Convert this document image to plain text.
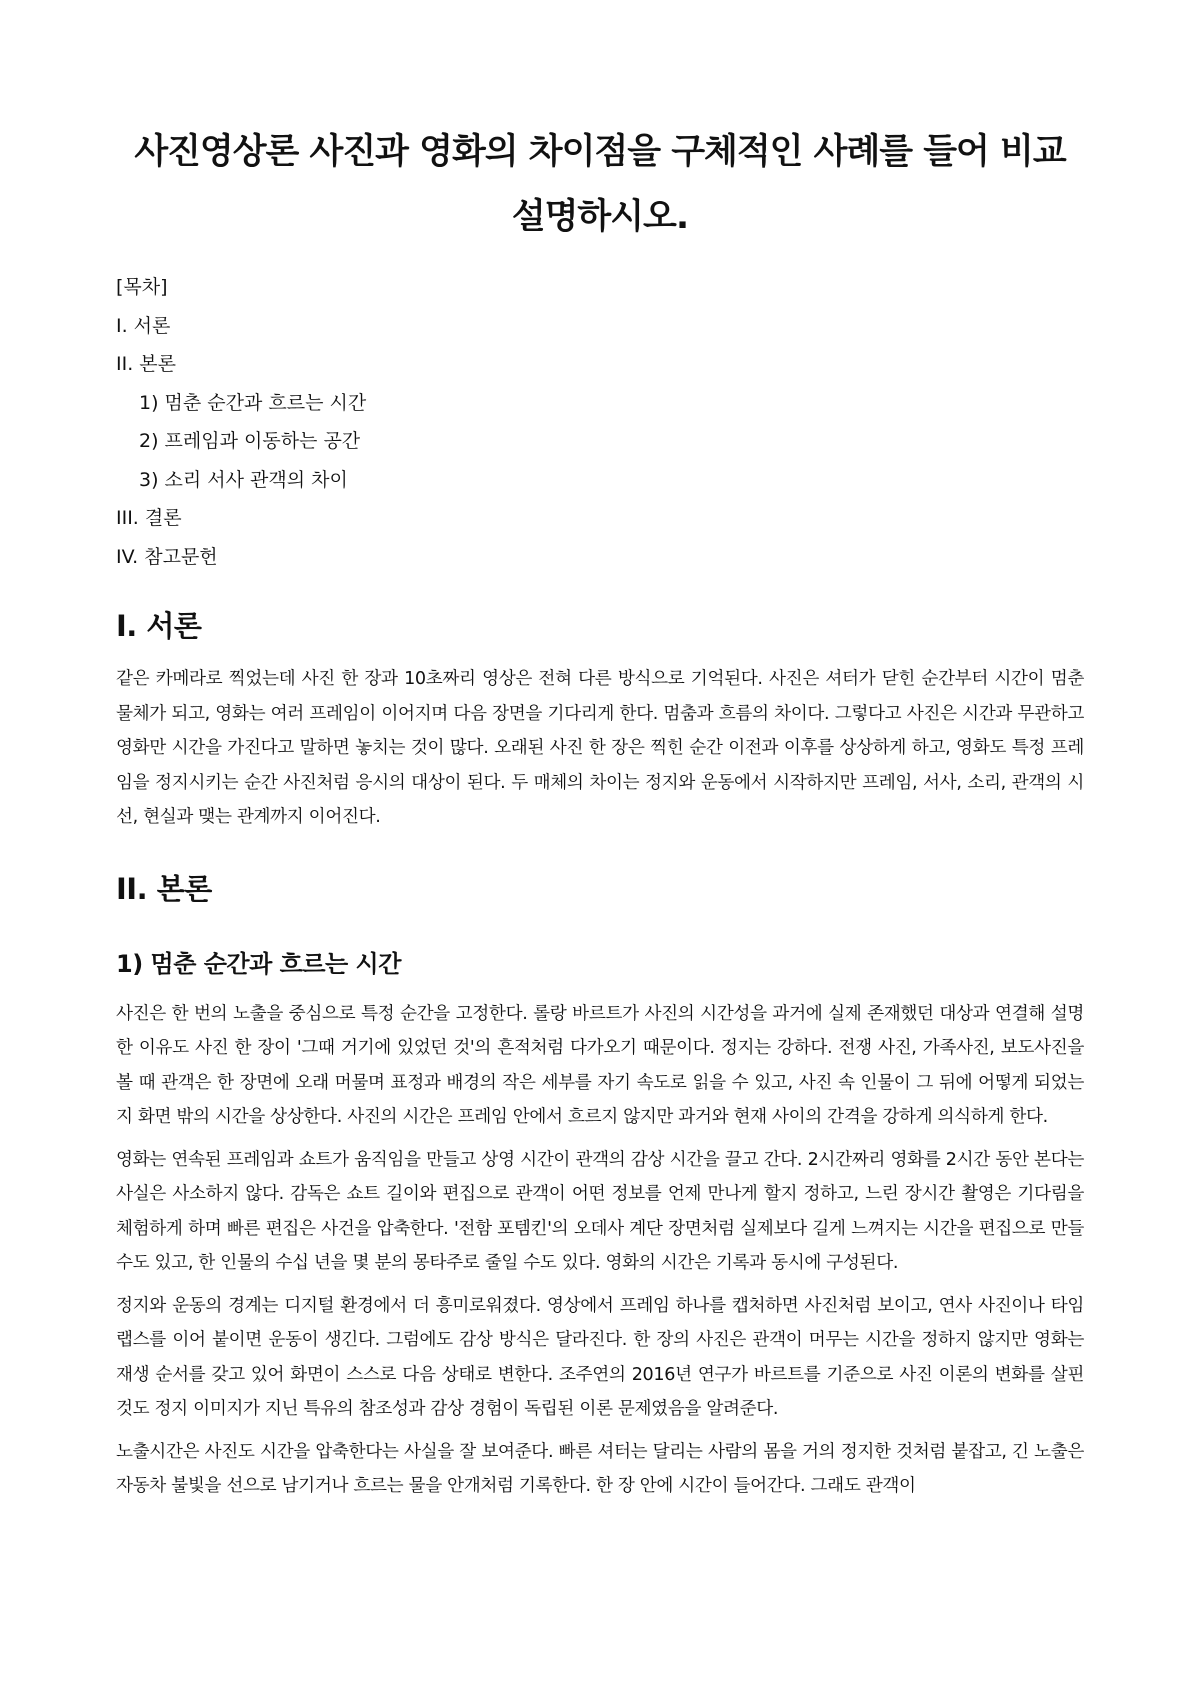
사진영상론 사진과 영화의 차이점을 구체적인 사례를 들어 비교 설명하시오.
[목차]
I. 서론
II. 본론
1) 멈춘 순간과 흐르는 시간
2) 프레임과 이동하는 공간
3) 소리 서사 관객의 차이
III. 결론
IV. 참고문헌
I. 서론

같은 카메라로 찍었는데 사진 한 장과 10초짜리 영상은 전혀 다른 방식으로 기억된다. 사진은 셔터가 닫힌 순간부터 시간이 멈춘 물체가 되고, 영화는 여러 프레임이 이어지며 다음 장면을 기다리게 한다. 멈춤과 흐름의 차이다. 그렇다고 사진은 시간과 무관하고 영화만 시간을 가진다고 말하면 놓치는 것이 많다. 오래된 사진 한 장은 찍힌 순간 이전과 이후를 상상하게 하고, 영화도 특정 프레임을 정지시키는 순간 사진처럼 응시의 대상이 된다. 두 매체의 차이는 정지와 운동에서 시작하지만 프레임, 서사, 소리, 관객의 시선, 현실과 맺는 관계까지 이어진다.

II. 본론
1) 멈춘 순간과 흐르는 시간

사진은 한 번의 노출을 중심으로 특정 순간을 고정한다. 롤랑 바르트가 사진의 시간성을 과거에 실제 존재했던 대상과 연결해 설명한 이유도 사진 한 장이 '그때 거기에 있었던 것'의 흔적처럼 다가오기 때문이다. 정지는 강하다. 전쟁 사진, 가족사진, 보도사진을 볼 때 관객은 한 장면에 오래 머물며 표정과 배경의 작은 세부를 자기 속도로 읽을 수 있고, 사진 속 인물이 그 뒤에 어떻게 되었는지 화면 밖의 시간을 상상한다. 사진의 시간은 프레임 안에서 흐르지 않지만 과거와 현재 사이의 간격을 강하게 의식하게 한다.

영화는 연속된 프레임과 쇼트가 움직임을 만들고 상영 시간이 관객의 감상 시간을 끌고 간다. 2시간짜리 영화를 2시간 동안 본다는 사실은 사소하지 않다. 감독은 쇼트 길이와 편집으로 관객이 어떤 정보를 언제 만나게 할지 정하고, 느린 장시간 촬영은 기다림을 체험하게 하며 빠른 편집은 사건을 압축한다. '전함 포템킨'의 오데사 계단 장면처럼 실제보다 길게 느껴지는 시간을 편집으로 만들 수도 있고, 한 인물의 수십 년을 몇 분의 몽타주로 줄일 수도 있다. 영화의 시간은 기록과 동시에 구성된다.

정지와 운동의 경계는 디지털 환경에서 더 흥미로워졌다. 영상에서 프레임 하나를 캡처하면 사진처럼 보이고, 연사 사진이나 타임랩스를 이어 붙이면 운동이 생긴다. 그럼에도 감상 방식은 달라진다. 한 장의 사진은 관객이 머무는 시간을 정하지 않지만 영화는 재생 순서를 갖고 있어 화면이 스스로 다음 상태로 변한다. 조주연의 2016년 연구가 바르트를 기준으로 사진 이론의 변화를 살핀 것도 정지 이미지가 지닌 특유의 참조성과 감상 경험이 독립된 이론 문제였음을 알려준다.

노출시간은 사진도 시간을 압축한다는 사실을 잘 보여준다. 빠른 셔터는 달리는 사람의 몸을 거의 정지한 것처럼 붙잡고, 긴 노출은 자동차 불빛을 선으로 남기거나 흐르는 물을 안개처럼 기록한다. 한 장 안에 시간이 들어간다. 그래도 관객이
